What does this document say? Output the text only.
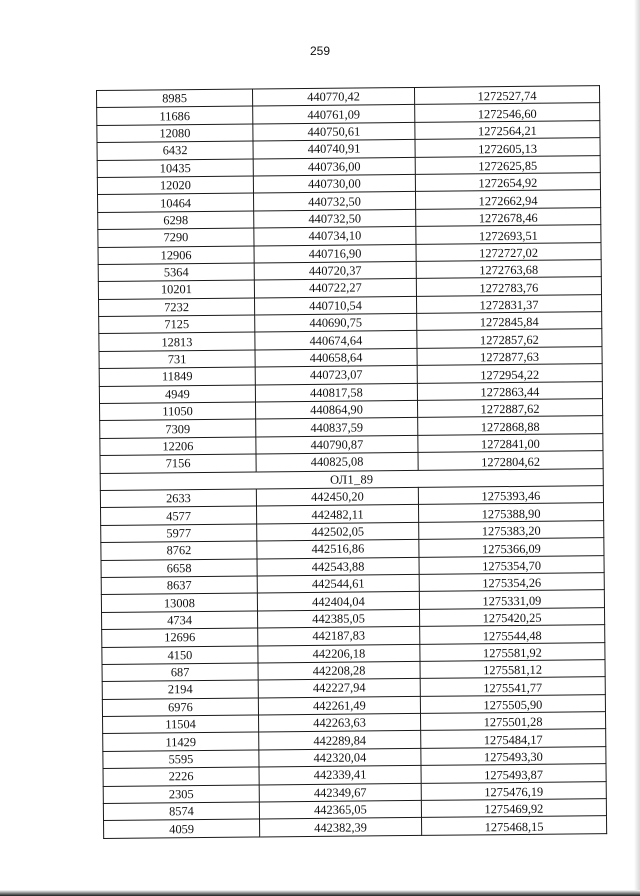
259
8985	440770,42	1272527,74
11686	440761,09	1272546,60
12080	440750,61	1272564,21
6432	440740,91	1272605,13
10435	440736,00	1272625,85
12020	440730,00	1272654,92
10464	440732,50	1272662,94
6298	440732,50	1272678,46
7290	440734,10	1272693,51
12906	440716,90	1272727,02
5364	440720,37	1272763,68
10201	440722,27	1272783,76
7232	440710,54	1272831,37
7125	440690,75	1272845,84
12813	440674,64	1272857,62
731	440658,64	1272877,63
11849	440723,07	1272954,22
4949	440817,58	1272863,44
11050	440864,90	1272887,62
7309	440837,59	1272868,88
12206	440790,87	1272841,00
7156	440825,08	1272804,62
ОЛ1_89		
2633	442450,20	1275393,46
4577	442482,11	1275388,90
5977	442502,05	1275383,20
8762	442516,86	1275366,09
6658	442543,88	1275354,70
8637	442544,61	1275354,26
13008	442404,04	1275331,09
4734	442385,05	1275420,25
12696	442187,83	1275544,48
4150	442206,18	1275581,92
687	442208,28	1275581,12
2194	442227,94	1275541,77
6976	442261,49	1275505,90
11504	442263,63	1275501,28
11429	442289,84	1275484,17
5595	442320,04	1275493,30
2226	442339,41	1275493,87
2305	442349,67	1275476,19
8574	442365,05	1275469,92
4059	442382,39	1275468,15
